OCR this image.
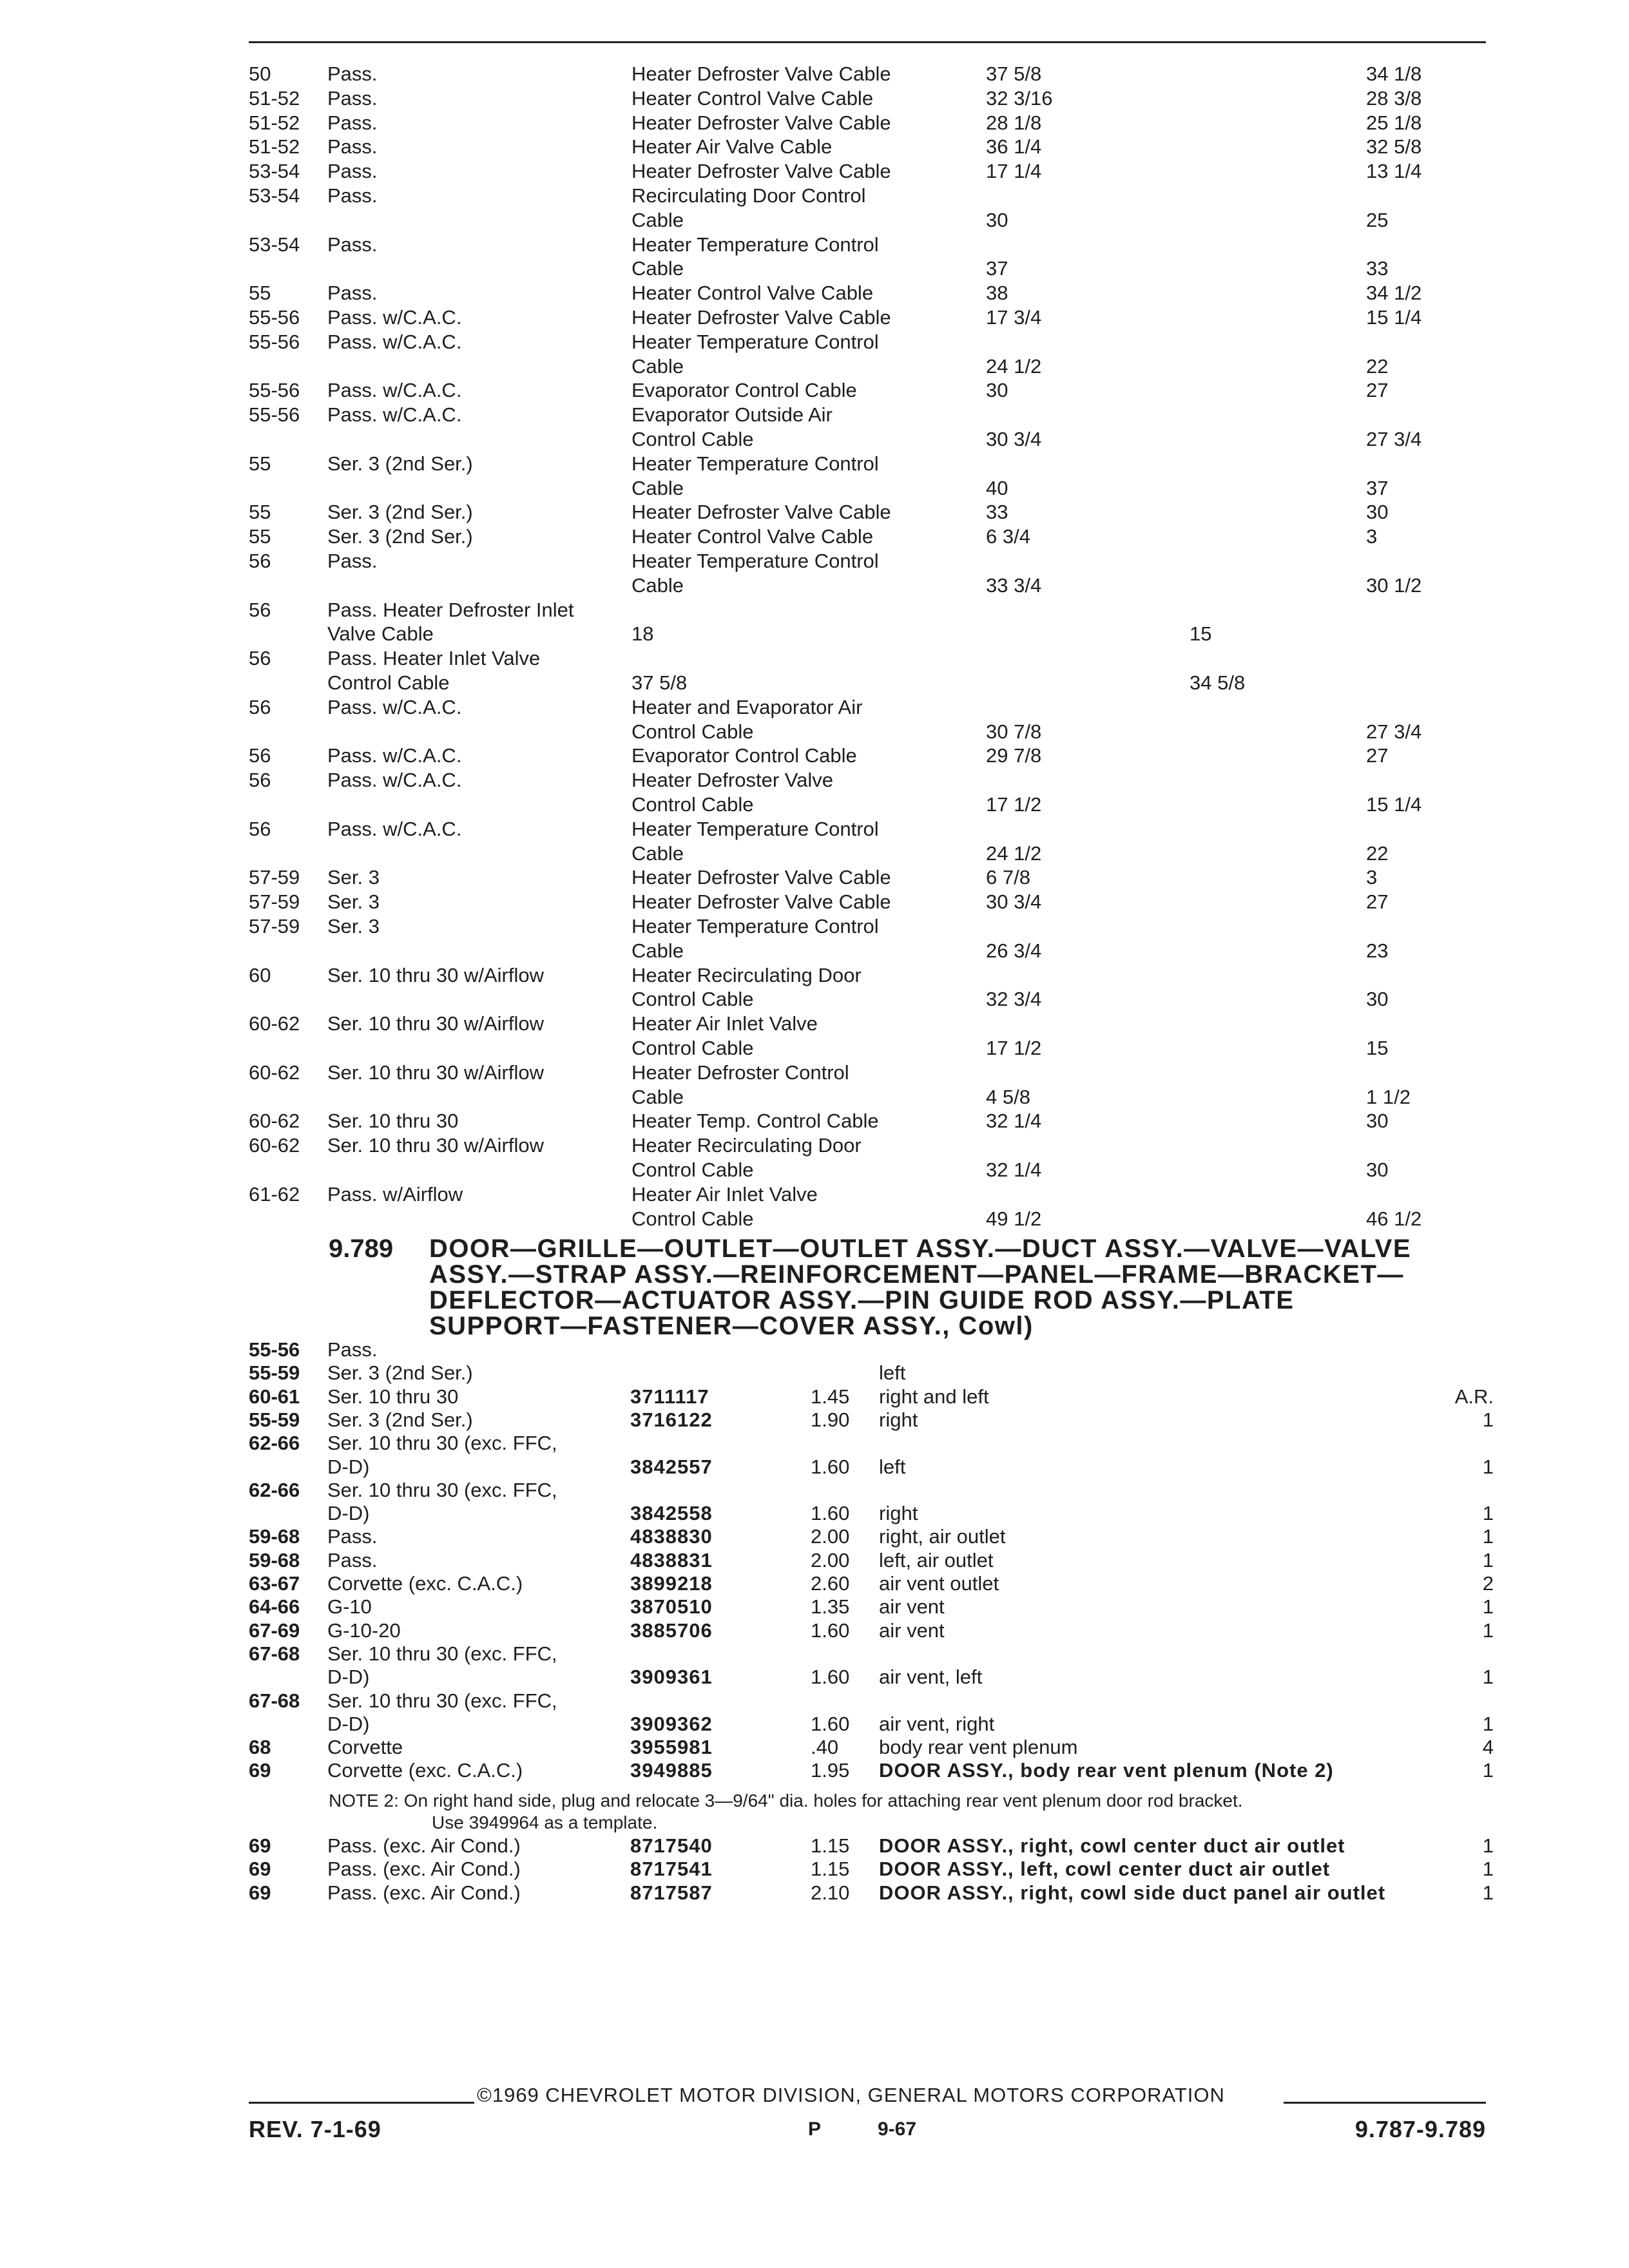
50	Pass.	Heater Defroster Valve Cable	37 5/8	34 1/8
51-52 Pass.	Heater Control Valve Cable	32 3/16	28 3/8
51-52 Pass.	Heater Defroster Valve Cable	28 1/8	25 1/8
51-52 Pass.	Heater Air Valve Cable	36 1/4	32 5/8
53-54 Pass.	Heater Defroster Valve Cable	17 1/4	13 1/4
53-54 Pass.	Recirculating Door Control
Cable	30	25
53-54 Pass.	Heater Temperature Control
Cable	37	33
55	Pass.	Heater Control Valve Cable	38	34 1/2
55-56 Pass. w/C.A.C.	Heater Defroster Valve Cable	17 3/4	15 1/4
55-56 Pass. w/C.A.C.	Heater Temperature Control
Cable	24 1/2	22
55-56 Pass. w/C.A.C.	Evaporator Control Cable	30	27
55-56 Pass. w/C.A.C.	Evaporator Outside Air
Control Cable	30 3/4	27 3/4
55	Ser. 3 (2nd Ser.)	Heater Temperature Control
Cable	40	37
55	Ser. 3 (2nd Ser.)	Heater Defroster Valve Cable	33	30
55	Ser. 3 (2nd Ser.)	Heater Control Valve Cable	6 3/4	3
56	Pass.	Heater Temperature Control
Cable	33 3/4	30 1/2
56	Pass. Heater Defroster Inlet
Valve Cable	18	15
56	Pass. Heater Inlet Valve
Control Cable	37 5/8	34 5/8
56	Pass. w/C.A.C.	Heater and Evaporator Air
Control Cable	30 7/8	27 3/4
56	Pass. w/C.A.C.	Evaporator Control Cable	29 7/8	27
56	Pass. w/C.A.C.	Heater Defroster Valve
Control Cable	17 1/2	15 1/4
56	Pass. w/C.A.C.	Heater Temperature Control
Cable	24 1/2	22
57-59 Ser. 3	Heater Defroster Valve Cable	6 7/8	3
57-59 Ser. 3	Heater Defroster Valve Cable	30 3/4	27
57-59 Ser. 3	Heater Temperature Control
Cable	26 3/4	23
60	Ser. 10 thru 30 w/Airflow	Heater Recirculating Door
Control Cable	32 3/4	30
60-62 Ser. 10 thru 30 w/Airflow	Heater Air Inlet Valve
Control Cable	17 1/2	15
60-62 Ser. 10 thru 30 w/Airflow	Heater Defroster Control
Cable	4 5/8	1 1/2
60-62 Ser. 10 thru 30	Heater Temp. Control Cable	32 1/4	30
60-62 Ser. 10 thru 30 w/Airflow	Heater Recirculating Door
Control Cable	32 1/4	30
61-62 Pass. w/Airflow	Heater Air Inlet Valve
Control Cable	49 1/2	46 1/2
9.789 DOOR—GRILLE—OUTLET—OUTLET ASSY.—DUCT ASSY.—VALVE—VALVE
ASSY.—STRAP ASSY.—REINFORCEMENT—PANEL—FRAME—BRACKET—
DEFLECTOR—ACTUATOR ASSY.—PIN GUIDE ROD ASSY.—PLATE
SUPPORT—FASTENER—COVER ASSY., Cowl)
55-56 Pass.
55-59 Ser. 3 (2nd Ser.)	left
60-61 Ser. 10 thru 30	3711117	1.45 right and left	A.R.
55-59 Ser. 3 (2nd Ser.)	3716122	1.90 right	1
62-66 Ser. 10 thru 30 (exc. FFC,
D-D)	3842557	1.60 left	1
62-66 Ser. 10 thru 30 (exc. FFC,
D-D)	3842558	1.60 right	1
59-68 Pass.	4838830	2.00 right, air outlet	1
59-68 Pass.	4838831	2.00 left, air outlet	1
63-67 Corvette (exc. C.A.C.)	3899218	2.60 air vent outlet	2
64-66 G-10	3870510	1.35 air vent	1
67-69 G-10-20	3885706	1.60 air vent	1
67-68 Ser. 10 thru 30 (exc. FFC,
D-D)	3909361	1.60 air vent, left	1
67-68 Ser. 10 thru 30 (exc. FFC,
D-D)	3909362	1.60 air vent, right	1
68	Corvette	3955981	.40 body rear vent plenum	4
69	Corvette (exc. C.A.C.)	3949885	1.95 DOOR ASSY., body rear vent plenum (Note 2)	1
NOTE 2: On right hand side, plug and relocate 3—9/64" dia. holes for attaching rear vent plenum door rod bracket.
Use 3949964 as a template.
69	Pass. (exc. Air Cond.)	8717540	1.15 DOOR ASSY., right, cowl center duct air outlet	1
69	Pass. (exc. Air Cond.)	8717541	1.15 DOOR ASSY., left, cowl center duct air outlet	1
69	Pass. (exc. Air Cond.)	8717587	2.10 DOOR ASSY., right, cowl side duct panel air outlet	1
©1969 CHEVROLET MOTOR DIVISION, GENERAL MOTORS CORPORATION
REV. 7-1-69	P	9-67	9.787-9.789
